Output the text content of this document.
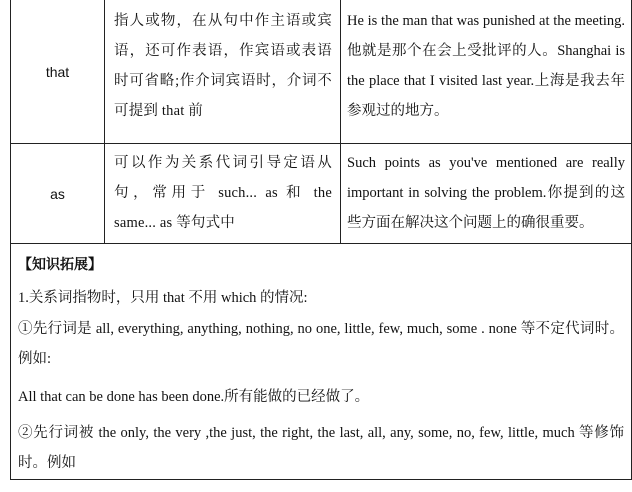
that
指人或物，在从句中作主语或宾语，还可作表语，作宾语或表语时可省略;作介词宾语时，介词不可提到 that 前
He is the man that was punished at the meeting.他就是那个在会上受批评的人。Shanghai is the place that I visited last year.上海是我去年参观过的地方。
as
可以作为关系代词引导定语从句，常用于 such... as 和 the same... as 等句式中
Such points as you've mentioned are really important in solving the problem.你提到的这些方面在解决这个问题上的确很重要。
【知识拓展】
1.关系词指物时，只用 that 不用 which 的情况:
①先行词是 all, everything, anything, nothing, no one, little, few, much, some . none 等不定代词时。例如:
All that can be done has been done.所有能做的已经做了。
②先行词被 the only, the very ,the just, the right, the last, all, any, some, no, few, little, much 等修饰时。例如
